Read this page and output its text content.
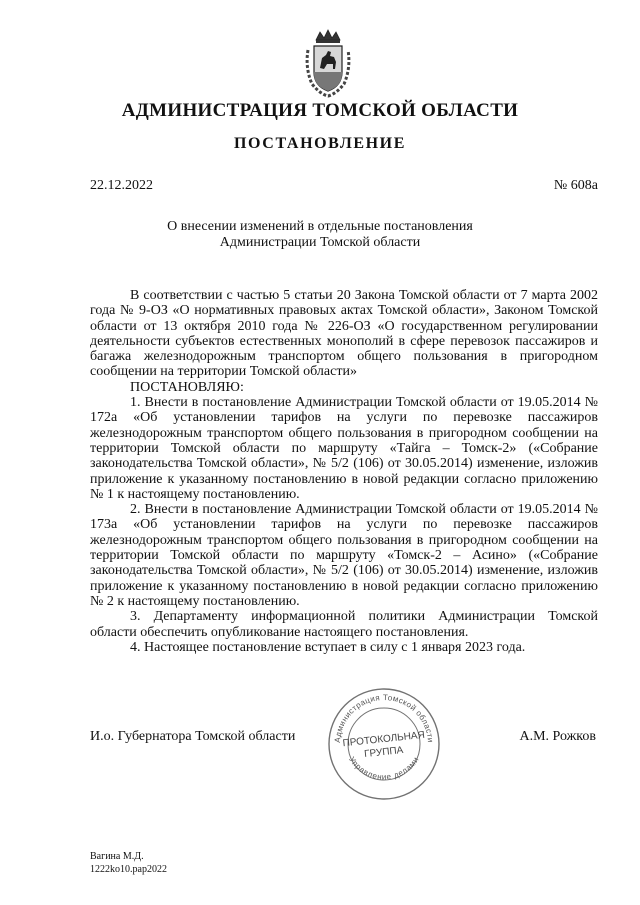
АДМИНИСТРАЦИЯ ТОМСКОЙ ОБЛАСТИ
ПОСТАНОВЛЕНИЕ
22.12.2022	№ 608а
О внесении изменений в отдельные постановления
Администрации Томской области

В соответствии с частью 5 статьи 20 Закона Томской области от 7 марта 2002 года № 9-ОЗ «О нормативных правовых актах Томской области», Законом Томской области от 13 октября 2010 года № 226-ОЗ «О государственном регулировании деятельности субъектов естественных монополий в сфере перевозок пассажиров и багажа железнодорожным транспортом общего пользования в пригородном сообщении на территории Томской области»

ПОСТАНОВЛЯЮ:

1. Внести в постановление Администрации Томской области от 19.05.2014 № 172а «Об установлении тарифов на услуги по перевозке пассажиров железнодорожным транспортом общего пользования в пригородном сообщении на территории Томской области по маршруту «Тайга – Томск-2» («Собрание законодательства Томской области», № 5/2 (106) от 30.05.2014) изменение, изложив приложение к указанному постановлению в новой редакции согласно приложению № 1 к настоящему постановлению.

2. Внести в постановление Администрации Томской области от 19.05.2014 № 173а «Об установлении тарифов на услуги по перевозке пассажиров железнодорожным транспортом общего пользования в пригородном сообщении на территории Томской области по маршруту «Томск-2 – Асино» («Собрание законодательства Томской области», № 5/2 (106) от 30.05.2014) изменение, изложив приложение к указанному постановлению в новой редакции согласно приложению № 2 к настоящему постановлению.

3. Департаменту информационной политики Администрации Томской области обеспечить опубликование настоящего постановления.

4. Настоящее постановление вступает в силу с 1 января 2023 года.

И.о. Губернатора Томской области	А.М. Рожков
Администрация Томской области
Управление делами
ПРОТОКОЛЬНАЯ
ГРУППА
Вагина М.Д.
1222ko10.pap2022
